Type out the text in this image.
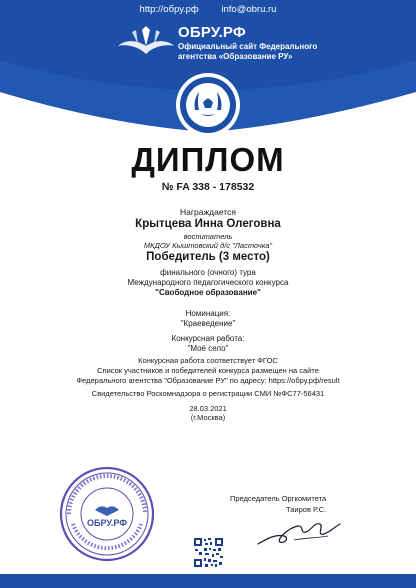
http://обру.рф info@obru.ru
ОБРУ.РФ
Официальный сайт Федерального агентства «Образование РУ»
ДИПЛОМ
№ FA 338 - 178532
Награждается
Крытцева Инна Олеговна
воспитатель
МКДОУ Кыштовский д/с "Ласточка"
Победитель (3 место)
финального (очного) тура
Международного педагогического конкурса
"Свободное образование"
Номинация:
"Краеведение"
Конкурсная работа:
"Моё село"
Конкурсная работа соответствует ФГОС
Список участников и победителей конкурса размещен на сайте
Федерального агентства "Образование РУ" по адресу: https://обру.рф/result
Свидетельство Роскомнадзора о регистрации СМИ №ФС77-56431
28.03.2021
(г.Москва)
ОБРУ.РФ
Председатель Оргкомитета
Таиров Р.С.
